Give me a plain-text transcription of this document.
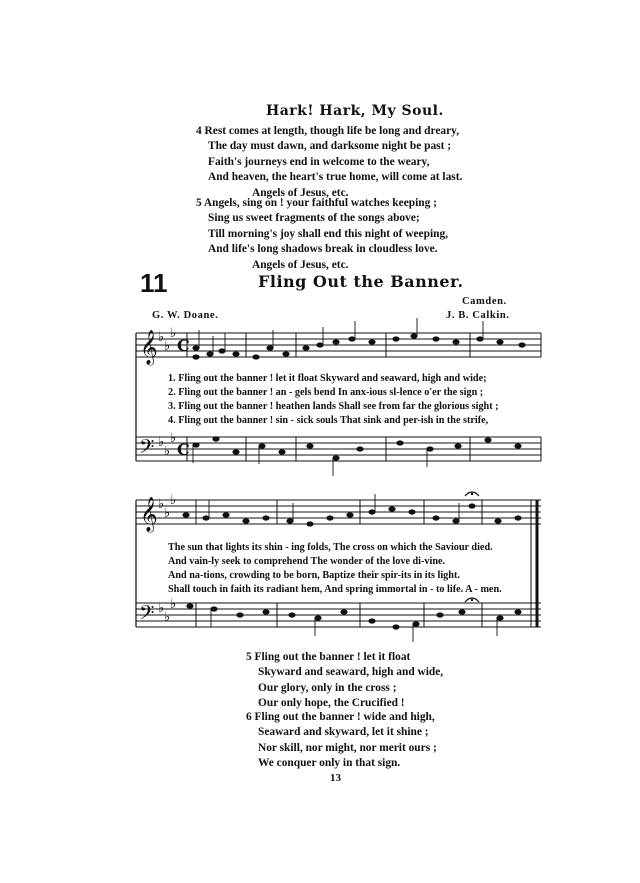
Hark! Hark, My Soul.
4 Rest comes at length, though life be long and dreary,
The day must dawn, and darksome night be past ;
Faith's journeys end in welcome to the weary,
And heaven, the heart's true home, will come at last.
Angels of Jesus, etc.
5 Angels, sing on ! your faithful watches keeping ;
Sing us sweet fragments of the songs above;
Till morning's joy shall end this night of weeping,
And life's long shadows break in cloudless love.
Angels of Jesus, etc.
11	Fling Out the Banner.
Camden.
G. W. Doane.	J. B. Calkin.
𝄞
𝄞
𝄢
𝄢
♭
♭
♭
♭
♭
♭
♭
♭
♭
♭
♭
♭
C
C
1. Fling out the banner ! let it float Skyward and seaward, high and wide;
2. Fling out the banner ! an - gels bend In anx-ious sl-lence o'er the sign ;
3. Fling out the banner ! heathen lands Shall see from far the glorious sight ;
4. Fling out the banner ! sin - sick souls That sink and per-ish in the strife,
The sun that lights its shin - ing folds, The cross on which the Saviour died.
And vain-ly seek to comprehend The wonder of the love di-vine.
And na-tions, crowding to be born, Baptize their spir-its in its light.
Shall touch in faith its radiant hem, And spring immortal in - to life. A - men.
5 Fling out the banner ! let it float
Skyward and seaward, high and wide,
Our glory, only in the cross ;
Our only hope, the Crucified !
6 Fling out the banner ! wide and high,
Seaward and skyward, let it shine ;
Nor skill, nor might, nor merit ours ;
We conquer only in that sign.
13
